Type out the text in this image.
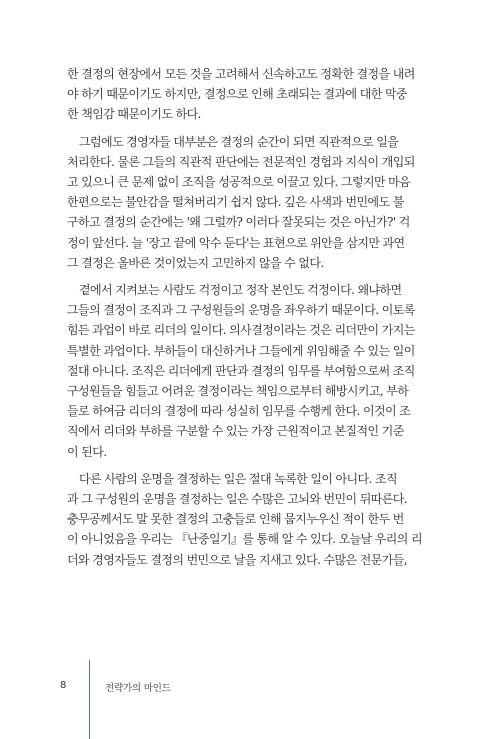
한 결정의 현장에서 모든 것을 고려해서 신속하고도 정확한 결정을 내려
야 하기 때문이기도 하지만, 결정으로 인해 초래되는 결과에 대한 막중
한 책임감 때문이기도 하다.

그럼에도 경영자들 대부분은 결정의 순간이 되면 직관적으로 일을
처리한다. 물론 그들의 직관적 판단에는 전문적인 경험과 지식이 개입되
고 있으니 큰 문제 없이 조직을 성공적으로 이끌고 있다. 그렇지만 마음
한편으로는 불안감을 떨쳐버리기 쉽지 않다. 깊은 사색과 번민에도 불
구하고 결정의 순간에는 '왜 그럴까? 이러다 잘못되는 것은 아닌가?' 걱
정이 앞선다. 늘 '장고 끝에 악수 둔다'는 표현으로 위안을 삼지만 과연
그 결정은 올바른 것이었는지 고민하지 않을 수 없다.

곁에서 지켜보는 사람도 걱정이고 정작 본인도 걱정이다. 왜냐하면
그들의 결정이 조직과 그 구성원들의 운명을 좌우하기 때문이다. 이토록
힘든 과업이 바로 리더의 일이다. 의사결정이라는 것은 리더만이 가지는
특별한 과업이다. 부하들이 대신하거나 그들에게 위임해줄 수 있는 일이
절대 아니다. 조직은 리더에게 판단과 결정의 임무를 부여함으로써 조직
구성원들을 힘들고 어려운 결정이라는 책임으로부터 해방시키고, 부하
들로 하여금 리더의 결정에 따라 성실히 임무를 수행케 한다. 이것이 조
직에서 리더와 부하를 구분할 수 있는 가장 근원적이고 본질적인 기준
이 된다.

다른 사람의 운명을 결정하는 일은 절대 녹록한 일이 아니다. 조직
과 그 구성원의 운명을 결정하는 일은 수많은 고뇌와 번민이 뒤따른다.
충무공께서도 말 못한 결정의 고충들로 인해 뭅지누우신 적이 한두 번
이 아니었음을 우리는 『난중일기』를 통해 알 수 있다. 오늘날 우리의 리
더와 경영자들도 결정의 번민으로 날을 지새고 있다. 수많은 전문가들,

8	전략가의 마인드
